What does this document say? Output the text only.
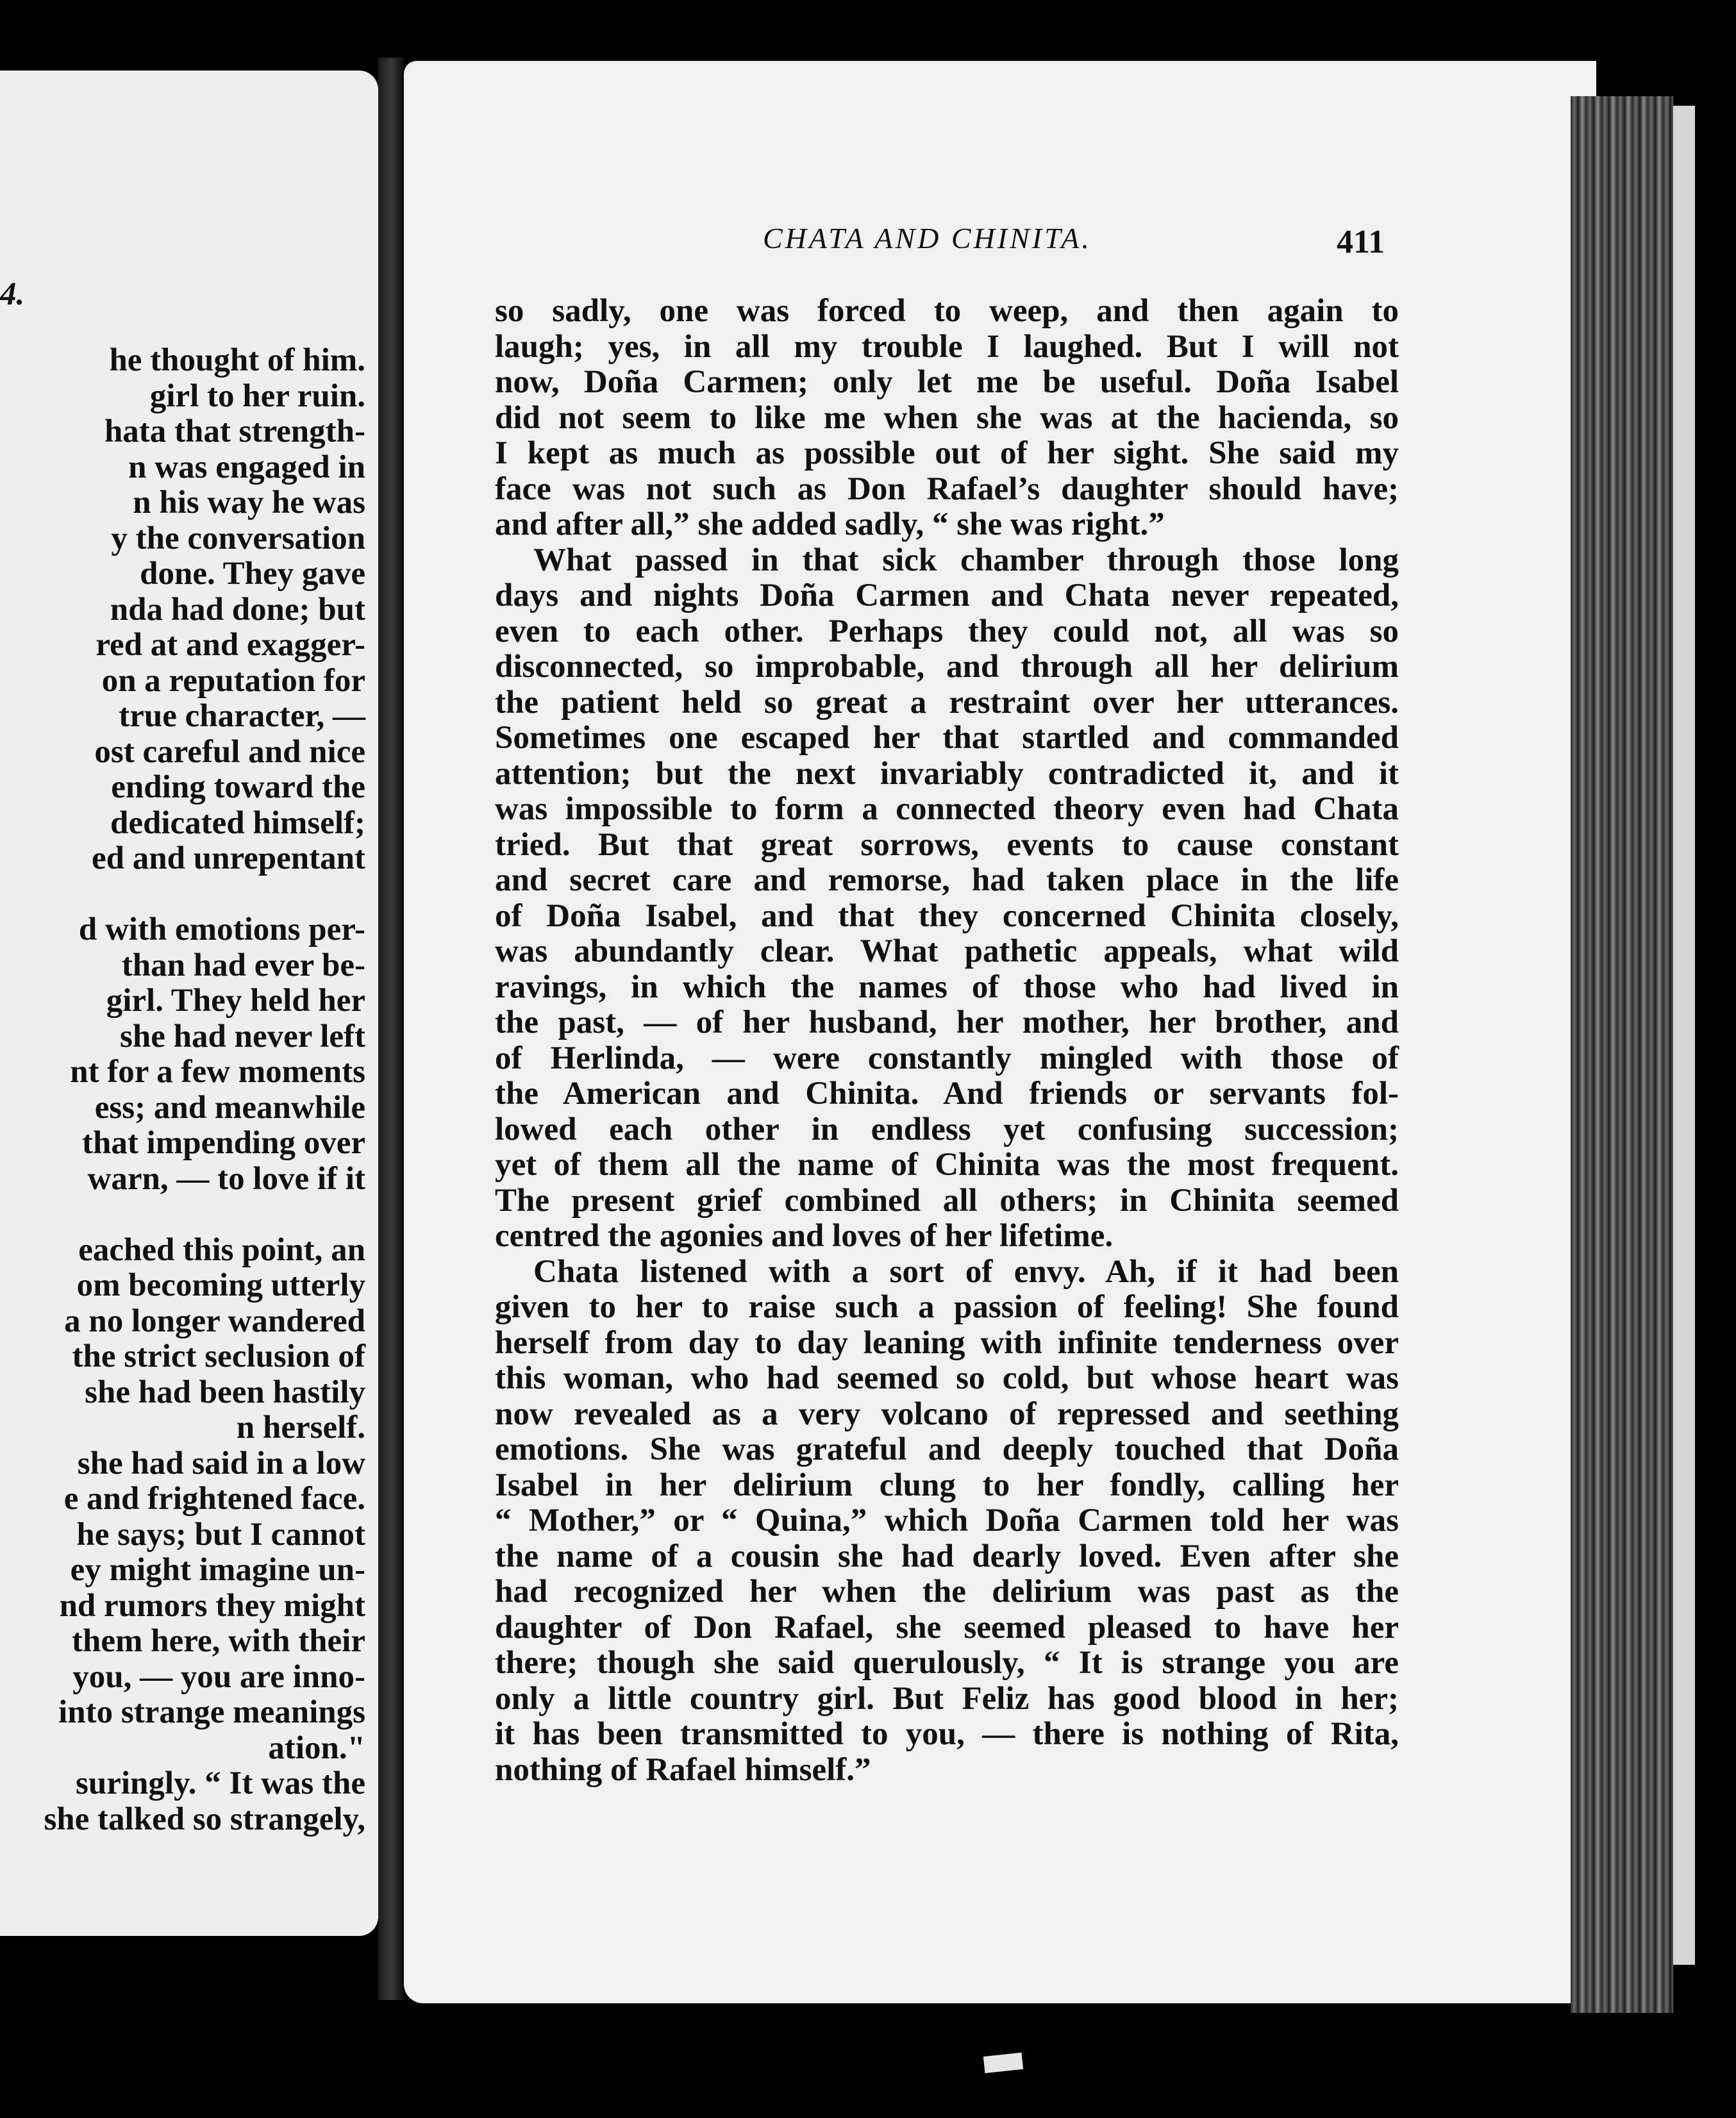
4.
he thought of him.
girl to her ruin.
hata that strength-
n was engaged in
n his way he was
y the conversation
done. They gave
nda had done; but
red at and exagger-
on a reputation for
true character, —
ost careful and nice
ending toward the
dedicated himself;
ed and unrepentant
d with emotions per-
than had ever be-
girl. They held her
she had never left
nt for a few moments
ess; and meanwhile
that impending over
warn, — to love if it
eached this point, an
om becoming utterly
a no longer wandered
the strict seclusion of
she had been hastily
n herself.
she had said in a low
e and frightened face.
he says; but I cannot
ey might imagine un-
nd rumors they might
them here, with their
you, — you are inno-
into strange meanings
ation."
suringly. “ It was the
she talked so strangely,
CHATA AND CHINITA.	411
so sadly, one was forced to weep, and then again to
laugh; yes, in all my trouble I laughed. But I will not
now, Doña Carmen; only let me be useful. Doña Isabel
did not seem to like me when she was at the hacienda, so
I kept as much as possible out of her sight. She said my
face was not such as Don Rafael’s daughter should have;
and after all,” she added sadly, “ she was right.”
What passed in that sick chamber through those long
days and nights Doña Carmen and Chata never repeated,
even to each other. Perhaps they could not, all was so
disconnected, so improbable, and through all her delirium
the patient held so great a restraint over her utterances.
Sometimes one escaped her that startled and commanded
attention; but the next invariably contradicted it, and it
was impossible to form a connected theory even had Chata
tried. But that great sorrows, events to cause constant
and secret care and remorse, had taken place in the life
of Doña Isabel, and that they concerned Chinita closely,
was abundantly clear. What pathetic appeals, what wild
ravings, in which the names of those who had lived in
the past, — of her husband, her mother, her brother, and
of Herlinda, — were constantly mingled with those of
the American and Chinita. And friends or servants fol-
lowed each other in endless yet confusing succession;
yet of them all the name of Chinita was the most frequent.
The present grief combined all others; in Chinita seemed
centred the agonies and loves of her lifetime.
Chata listened with a sort of envy. Ah, if it had been
given to her to raise such a passion of feeling! She found
herself from day to day leaning with infinite tenderness over
this woman, who had seemed so cold, but whose heart was
now revealed as a very volcano of repressed and seething
emotions. She was grateful and deeply touched that Doña
Isabel in her delirium clung to her fondly, calling her
“ Mother,” or “ Quina,” which Doña Carmen told her was
the name of a cousin she had dearly loved. Even after she
had recognized her when the delirium was past as the
daughter of Don Rafael, she seemed pleased to have her
there; though she said querulously, “ It is strange you are
only a little country girl. But Feliz has good blood in her;
it has been transmitted to you, — there is nothing of Rita,
nothing of Rafael himself.”
